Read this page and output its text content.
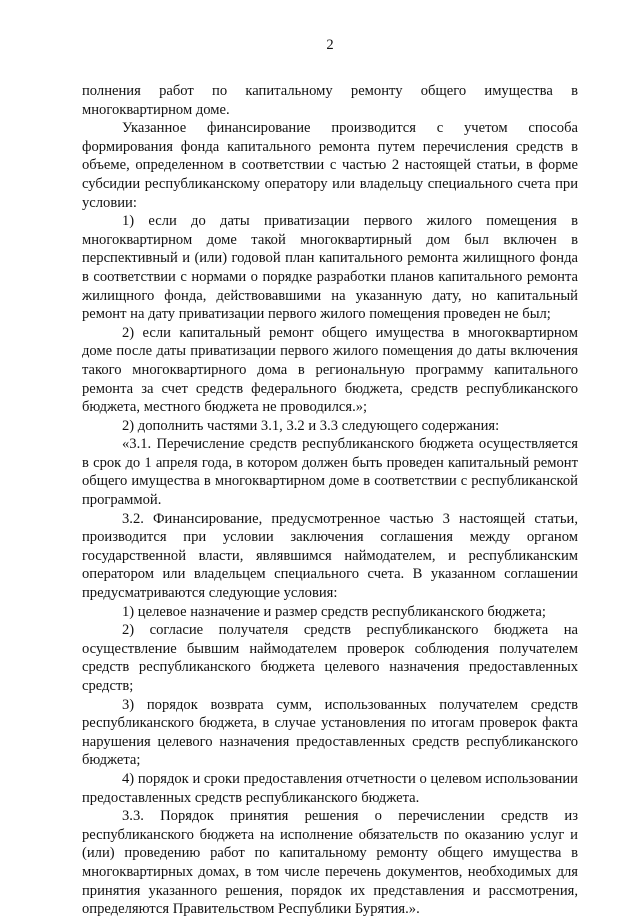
2

полнения работ по капитальному ремонту общего имущества в многоквартирном доме.

Указанное финансирование производится с учетом способа формирования фонда капитального ремонта путем перечисления средств в объеме, определенном в соответствии с частью 2 настоящей статьи, в форме субсидии республиканскому оператору или владельцу специального счета при условии:

1) если до даты приватизации первого жилого помещения в многоквартирном доме такой многоквартирный дом был включен в перспективный и (или) годовой план капитального ремонта жилищного фонда в соответствии с нормами о порядке разработки планов капитального ремонта жилищного фонда, действовавшими на указанную дату, но капитальный ремонт на дату приватизации первого жилого помещения проведен не был;

2) если капитальный ремонт общего имущества в многоквартирном доме после даты приватизации первого жилого помещения до даты включения такого многоквартирного дома в региональную программу капитального ремонта за счет средств федерального бюджета, средств республиканского бюджета, местного бюджета не проводился.»;

2) дополнить частями 3.1, 3.2 и 3.3 следующего содержания:

«3.1. Перечисление средств республиканского бюджета осуществляется в срок до 1 апреля года, в котором должен быть проведен капитальный ремонт общего имущества в многоквартирном доме в соответствии с республиканской программой.

3.2. Финансирование, предусмотренное частью 3 настоящей статьи, производится при условии заключения соглашения между органом государственной власти, являвшимся наймодателем, и республиканским оператором или владельцем специального счета. В указанном соглашении предусматриваются следующие условия:

1) целевое назначение и размер средств республиканского бюджета;

2) согласие получателя средств республиканского бюджета на осуществление бывшим наймодателем проверок соблюдения получателем средств республиканского бюджета целевого назначения предоставленных средств;

3) порядок возврата сумм, использованных получателем средств республиканского бюджета, в случае установления по итогам проверок факта нарушения целевого назначения предоставленных средств республиканского бюджета;

4) порядок и сроки предоставления отчетности о целевом использовании предоставленных средств республиканского бюджета.

3.3. Порядок принятия решения о перечислении средств из республиканского бюджета на исполнение обязательств по оказанию услуг и (или) проведению работ по капитальному ремонту общего имущества в многоквартирных домах, в том числе перечень документов, необходимых для принятия указанного решения, порядок их представления и рассмотрения, определяются Правительством Республики Бурятия.».
